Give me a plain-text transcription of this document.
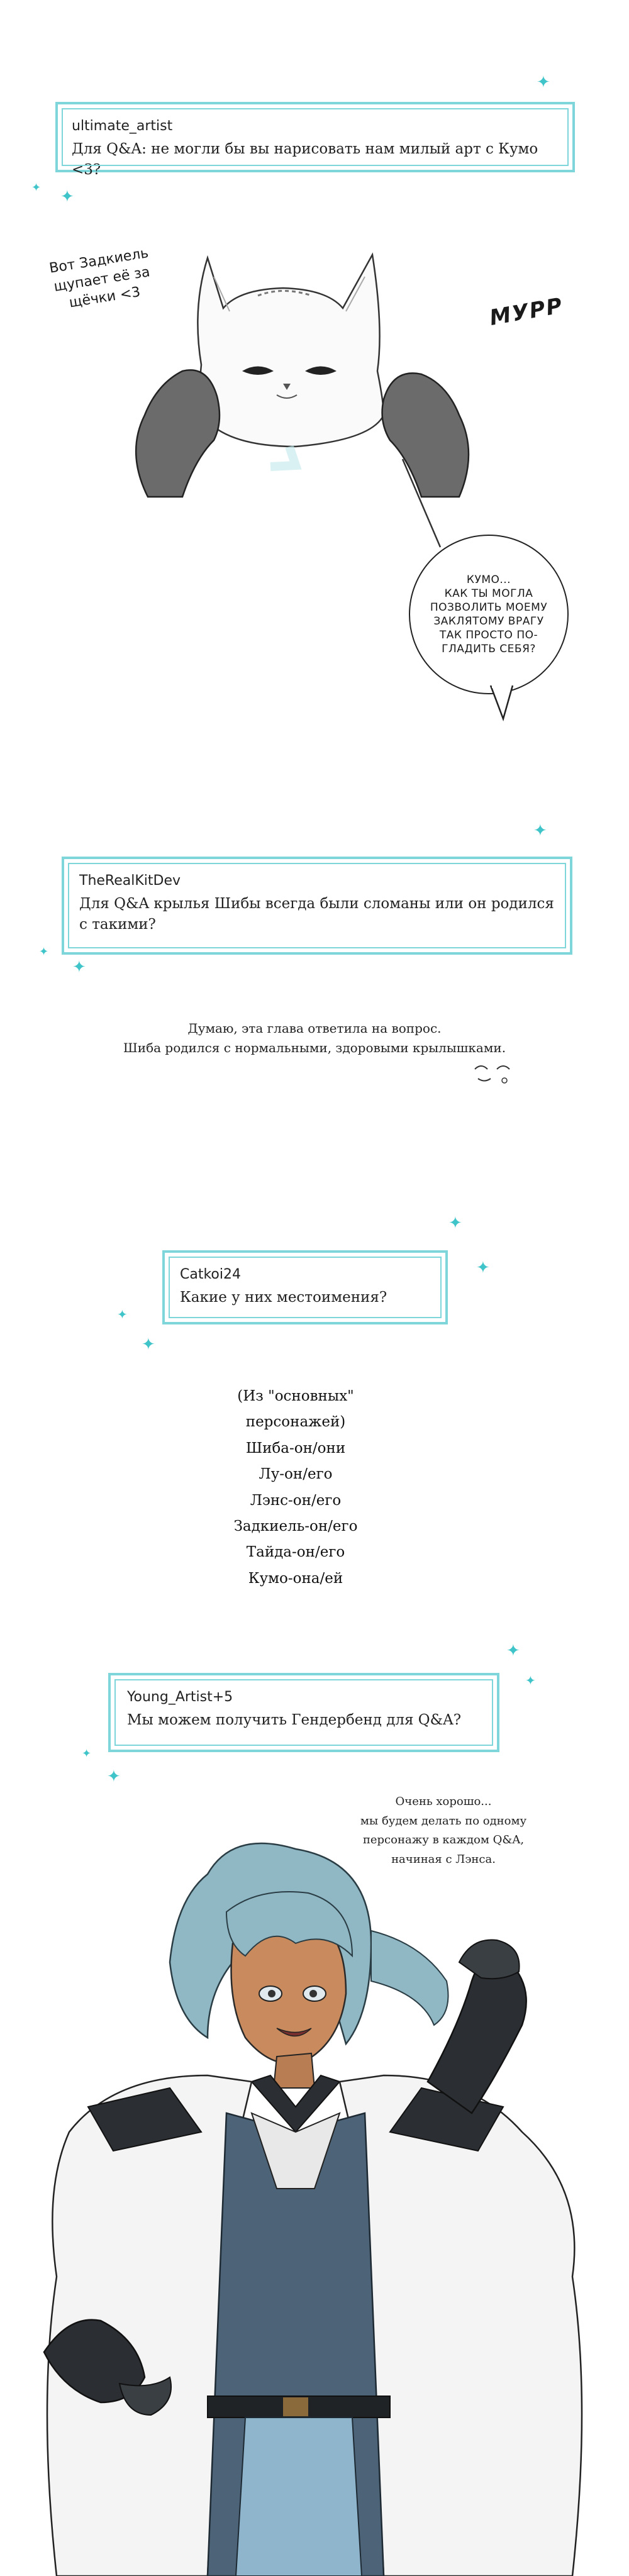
✦
✦ ✦
ultimate_artist
Для Q&A: не могли бы вы нарисовать нам милый арт с Кумо <3?
Вот Задкиель щупает её за щёчки <3	МУРР
КУМО...
КАК ТЫ МОГЛА
ПОЗВОЛИТЬ МОЕМУ
ЗАКЛЯТОМУ ВРАГУ
ТАК ПРОСТО ПО-
ГЛАДИТЬ СЕБЯ?
✦
✦
✦
TheRealKitDev
Для Q&A крылья Шибы всегда были сломаны или он родился с такими?
Думаю, эта глава ответила на вопрос.
Шиба родился с нормальными, здоровыми крылышками.
✦
✦
✦
✦
Catkoi24
Какие у них местоимения?
(Из "основных" персонажей)
Шиба-он/они
Лу-он/его
Лэнс-он/его
Задкиель-он/его
Тайда-он/его
Кумо-она/ей
✦
✦
✦
✦
Young_Artist+5
Мы можем получить Гендербенд для Q&A?
Очень хорошо...
мы будем делать по одному
персонажу в каждом Q&A,
начиная с Лэнса.
